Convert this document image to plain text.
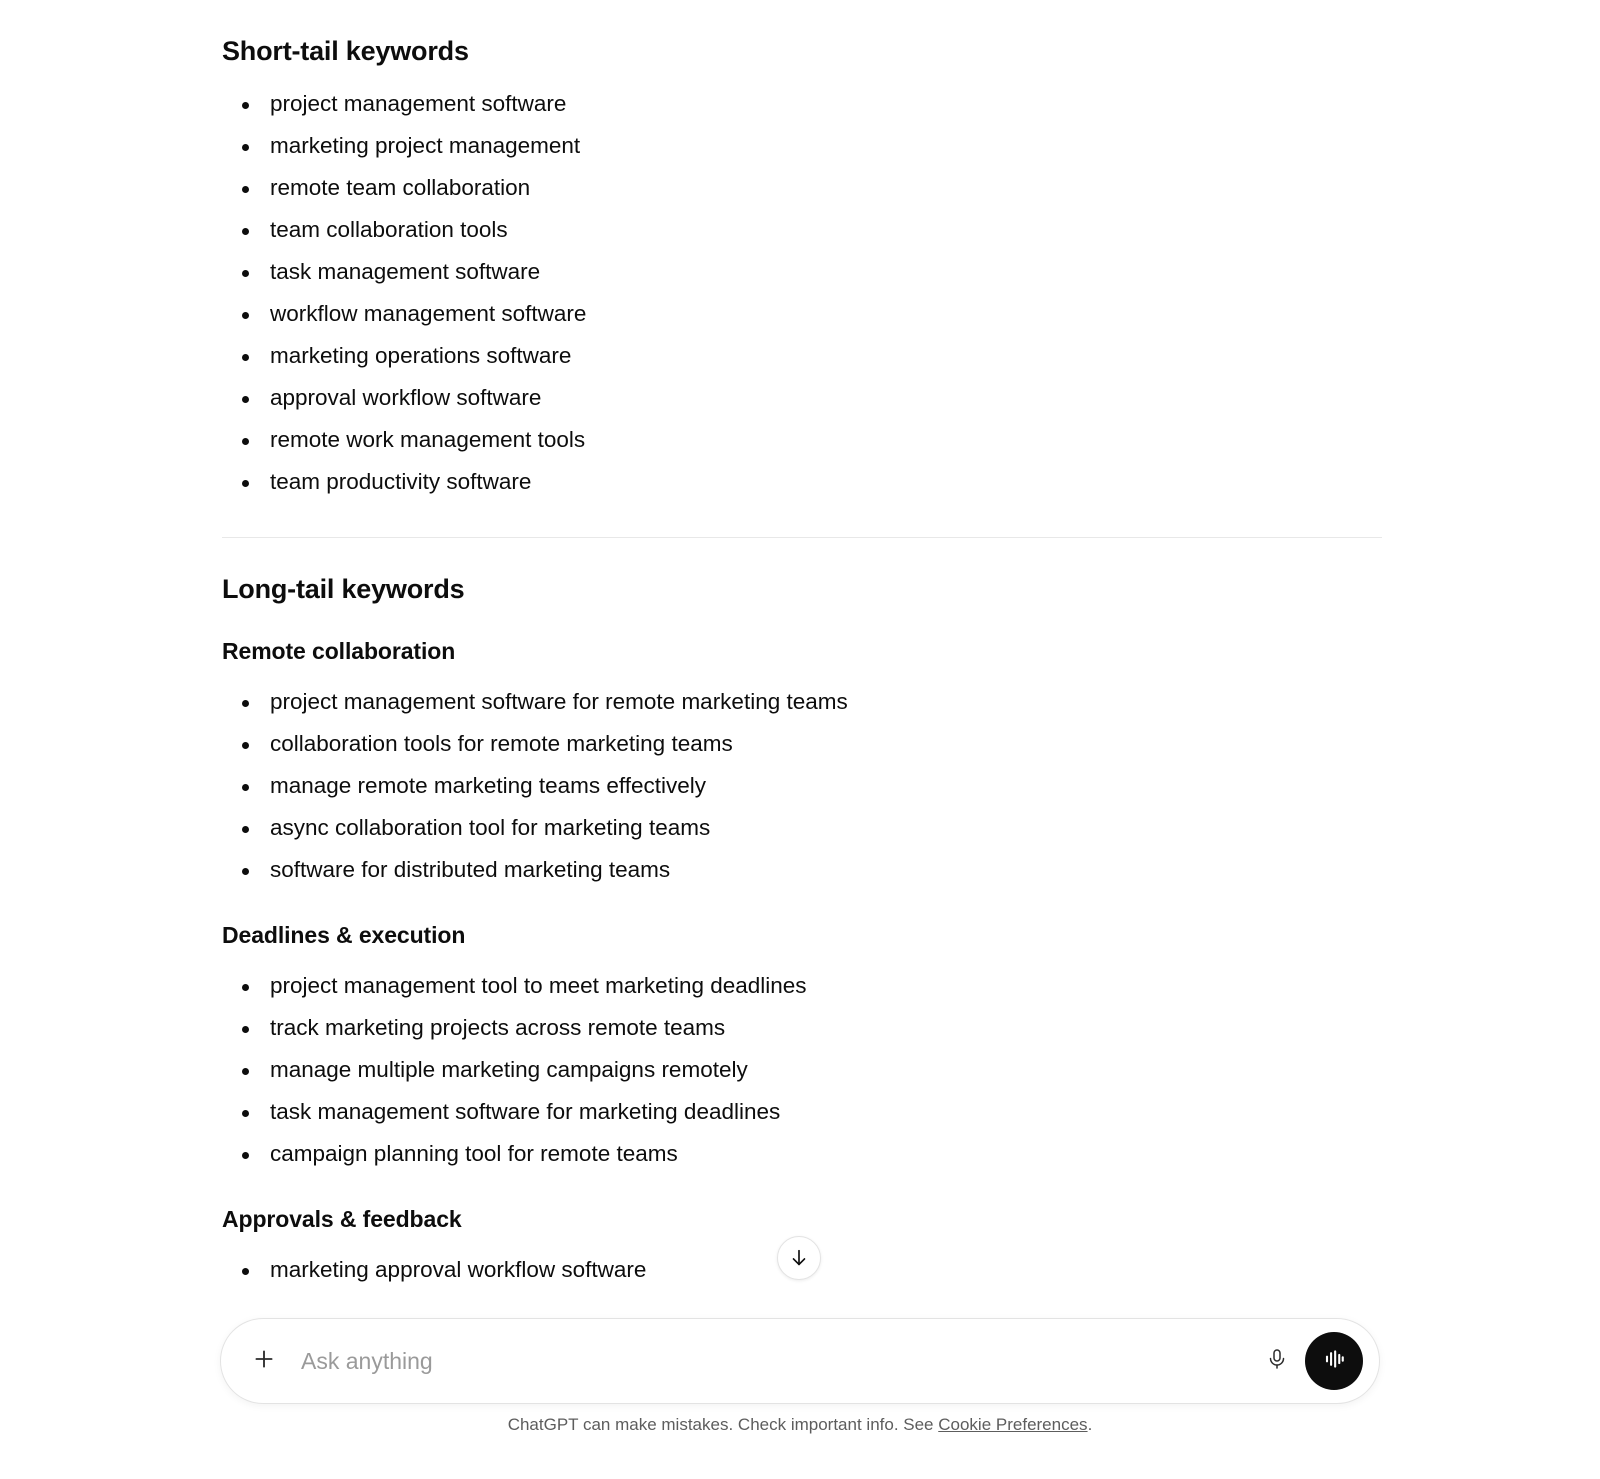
Short-tail keywords
project management software
marketing project management
remote team collaboration
team collaboration tools
task management software
workflow management software
marketing operations software
approval workflow software
remote work management tools
team productivity software
Long-tail keywords
Remote collaboration
project management software for remote marketing teams
collaboration tools for remote marketing teams
manage remote marketing teams effectively
async collaboration tool for marketing teams
software for distributed marketing teams
Deadlines & execution
project management tool to meet marketing deadlines
track marketing projects across remote teams
manage multiple marketing campaigns remotely
task management software for marketing deadlines
campaign planning tool for remote teams
Approvals & feedback
marketing approval workflow software
Ask anything
ChatGPT can make mistakes. Check important info. See Cookie Preferences.
